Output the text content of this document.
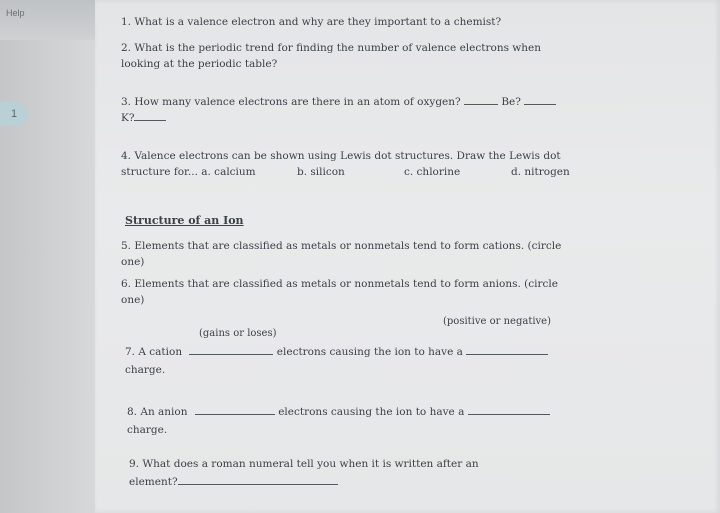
Help
1
1. What is a valence electron and why are they important to a chemist?
2. What is the periodic trend for finding the number of valence electrons when
looking at the periodic table?
3. How many valence electrons are there in an atom of oxygen?	Be?
K?
4. Valence electrons can be shown using Lewis dot structures. Draw the Lewis dot
structure for... a. calcium	b. silicon	c. chlorine	d. nitrogen
Structure of an Ion
5. Elements that are classified as metals or nonmetals tend to form cations. (circle
one)
6. Elements that are classified as metals or nonmetals tend to form anions. (circle
one)
(gains or loses)
(positive or negative)
7. A cation	electrons causing the ion to have a
charge.
8. An anion	electrons causing the ion to have a
charge.
9. What does a roman numeral tell you when it is written after an
element?
